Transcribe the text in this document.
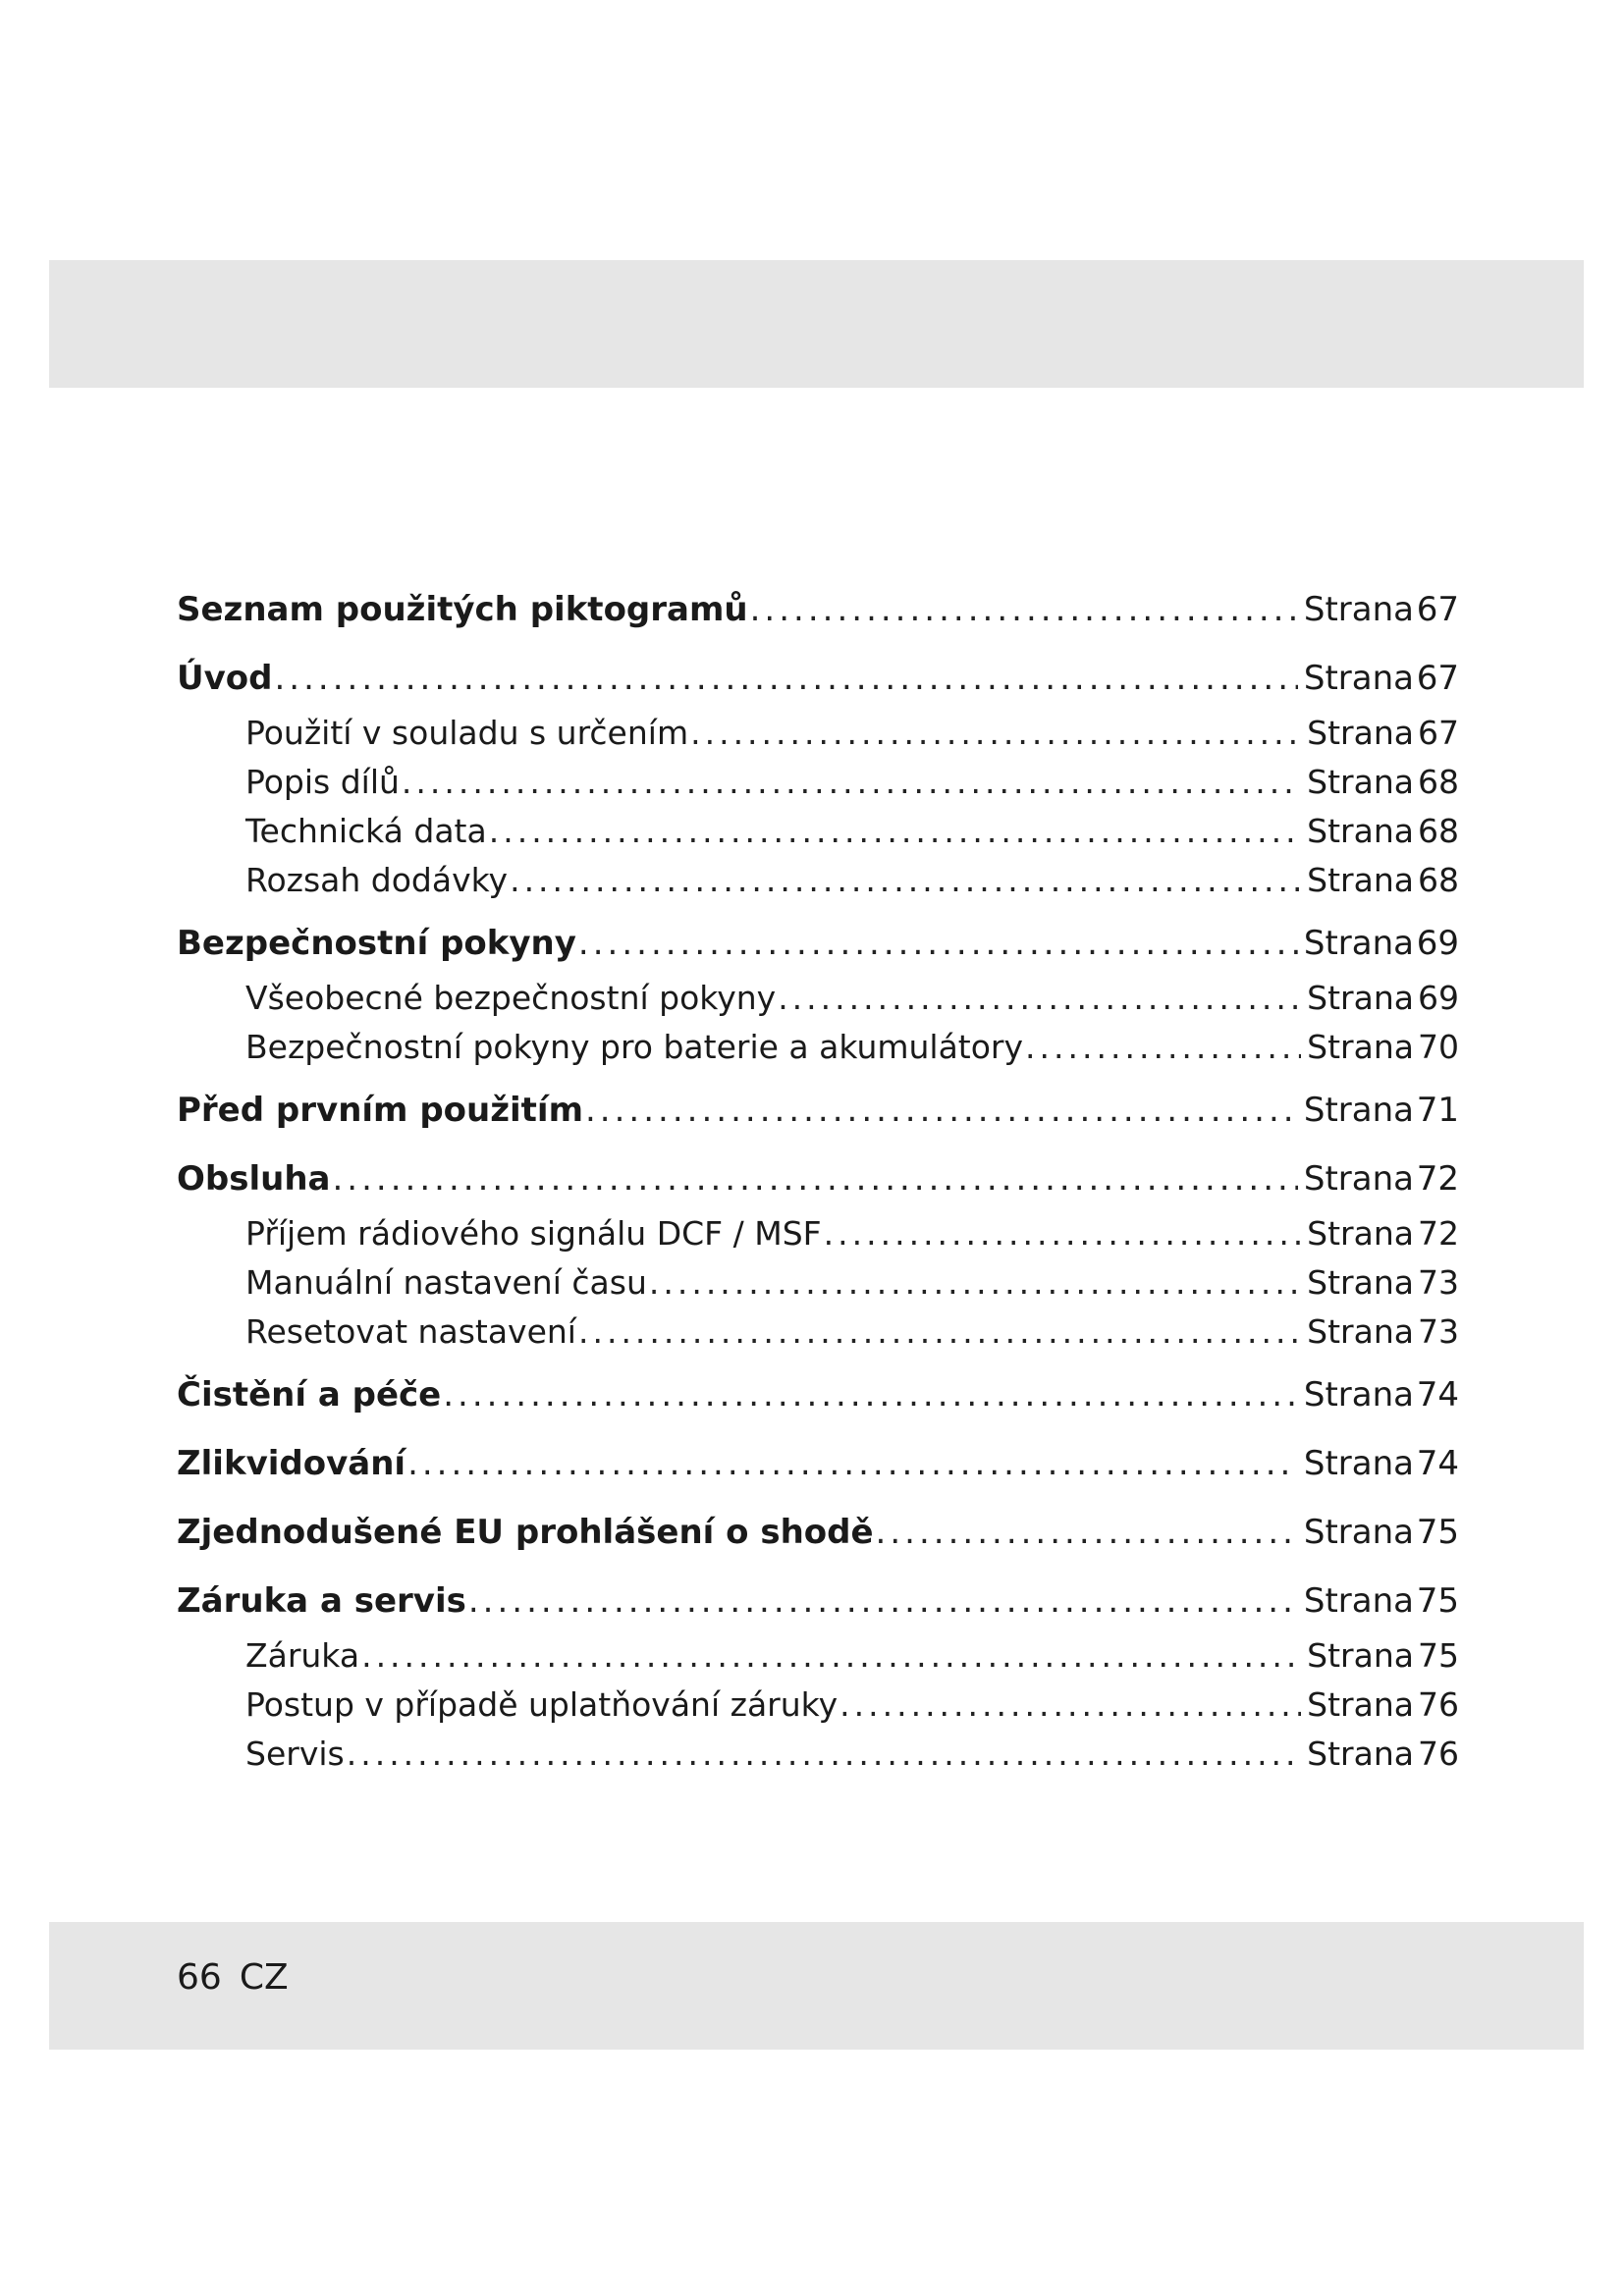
Seznam použitých piktogramů .....	Strana 67
Úvod .....	Strana 67
Použití v souladu s určením .....	Strana 67
Popis dílů .....	Strana 68
Technická data .....	Strana 68
Rozsah dodávky .....	Strana 68
Bezpečnostní pokyny .....	Strana 69
Všeobecné bezpečnostní pokyny .....	Strana 69
Bezpečnostní pokyny pro baterie a akumulátory .....	Strana 70
Před prvním použitím .....	Strana 71
Obsluha .....	Strana 72
Příjem rádiového signálu DCF / MSF .....	Strana 72
Manuální nastavení času .....	Strana 73
Resetovat nastavení .....	Strana 73
Čistění a péče .....	Strana 74
Zlikvidování .....	Strana 74
Zjednodušené EU prohlášení o shodě .....	Strana 75
Záruka a servis .....	Strana 75
Záruka .....	Strana 75
Postup v případě uplatňování záruky .....	Strana 76
Servis .....	Strana 76
66 CZ
